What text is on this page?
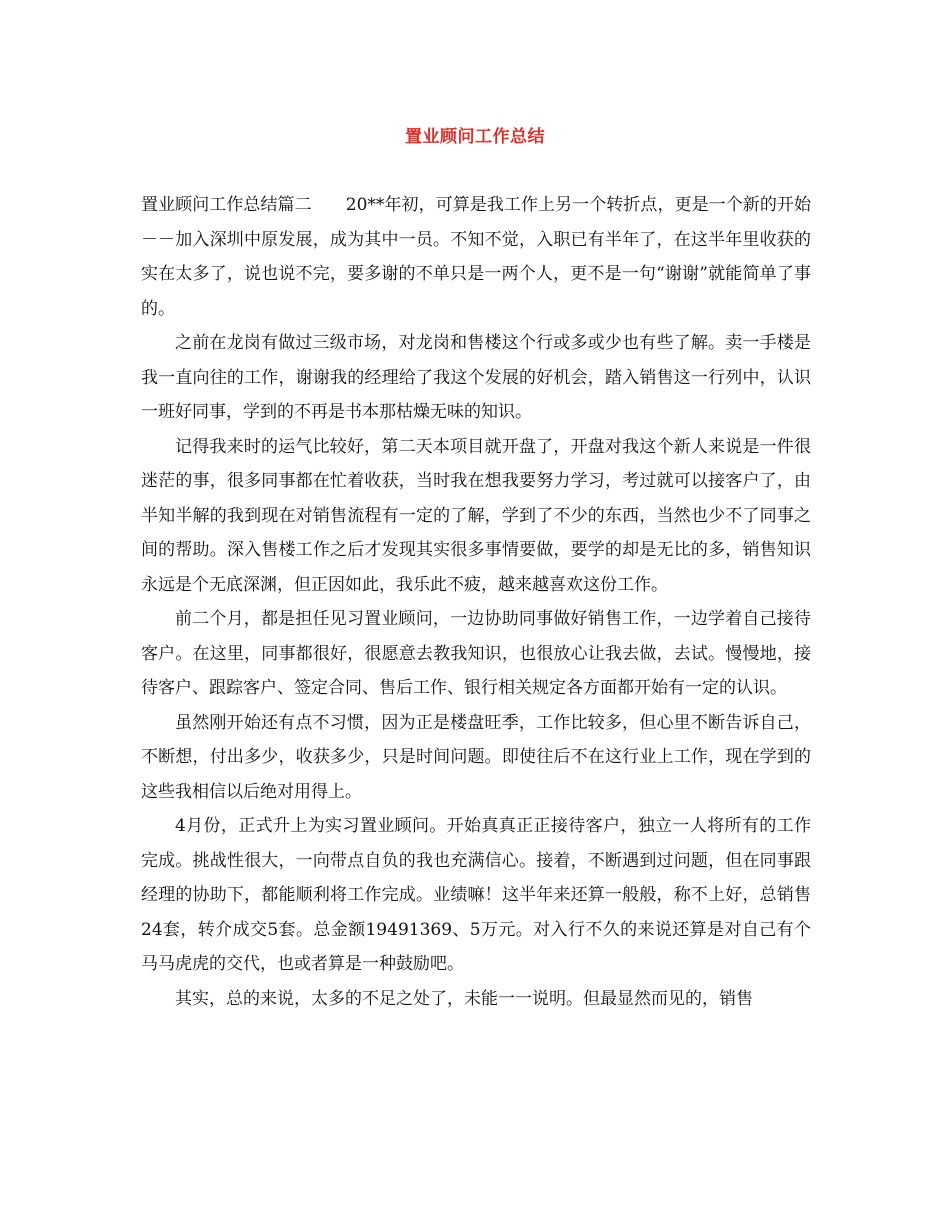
置业顾问工作总结

置业顾问工作总结篇二　　20**年初，可算是我工作上另一个转折点，更是一个新的开始－－加入深圳中原发展，成为其中一员。不知不觉，入职已有半年了，在这半年里收获的实在太多了，说也说不完，要多谢的不单只是一两个人，更不是一句“谢谢”就能简单了事的。

之前在龙岗有做过三级市场，对龙岗和售楼这个行或多或少也有些了解。卖一手楼是我一直向往的工作，谢谢我的经理给了我这个发展的好机会，踏入销售这一行列中，认识一班好同事，学到的不再是书本那枯燥无味的知识。

记得我来时的运气比较好，第二天本项目就开盘了，开盘对我这个新人来说是一件很迷茫的事，很多同事都在忙着收获，当时我在想我要努力学习，考过就可以接客户了，由半知半解的我到现在对销售流程有一定的了解，学到了不少的东西，当然也少不了同事之间的帮助。深入售楼工作之后才发现其实很多事情要做，要学的却是无比的多，销售知识永远是个无底深渊，但正因如此，我乐此不疲，越来越喜欢这份工作。

前二个月，都是担任见习置业顾问，一边协助同事做好销售工作，一边学着自己接待客户。在这里，同事都很好，很愿意去教我知识，也很放心让我去做，去试。慢慢地，接待客户、跟踪客户、签定合同、售后工作、银行相关规定各方面都开始有一定的认识。

虽然刚开始还有点不习惯，因为正是楼盘旺季，工作比较多，但心里不断告诉自己，不断想，付出多少，收获多少，只是时间问题。即使往后不在这行业上工作，现在学到的这些我相信以后绝对用得上。

4月份，正式升上为实习置业顾问。开始真真正正接待客户，独立一人将所有的工作完成。挑战性很大，一向带点自负的我也充满信心。接着，不断遇到过问题，但在同事跟经理的协助下，都能顺利将工作完成。业绩嘛！这半年来还算一般般，称不上好，总销售24套，转介成交5套。总金额19491369、5万元。对入行不久的来说还算是对自己有个马马虎虎的交代，也或者算是一种鼓励吧。

其实，总的来说，太多的不足之处了，未能一一说明。但最显然而见的，销售
